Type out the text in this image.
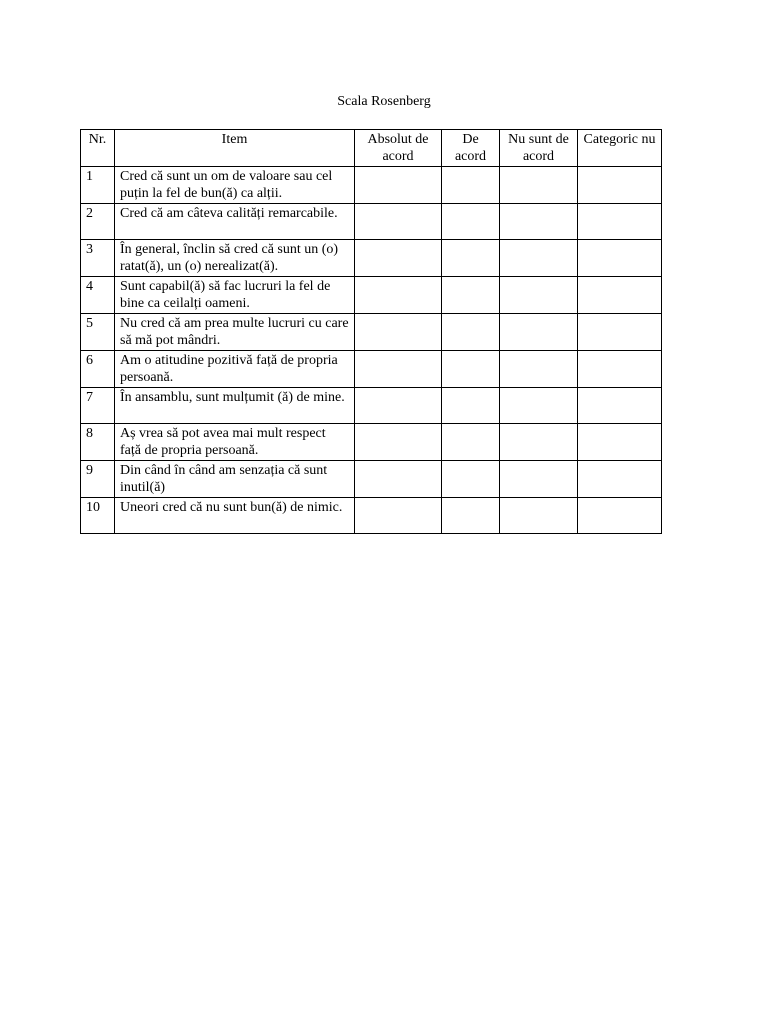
Scala Rosenberg
Nr.	Item	Absolut de acord	De acord	Nu sunt de acord	Categoric nu
1	Cred că sunt un om de valoare sau cel puțin la fel de bun(ă) ca alții.				
2	Cred că am câteva calități remarcabile.				
3	În general, înclin să cred că sunt un (o) ratat(ă), un (o) nerealizat(ă).				
4	Sunt capabil(ă) să fac lucruri la fel de bine ca ceilalți oameni.				
5	Nu cred că am prea multe lucruri cu care să mă pot mândri.				
6	Am o atitudine pozitivă față de propria persoană.				
7	În ansamblu, sunt mulțumit (ă) de mine.				
8	Aș vrea să pot avea mai mult respect față de propria persoană.				
9	Din când în când am senzația că sunt inutil(ă)				
10	Uneori cred că nu sunt bun(ă) de nimic.				
